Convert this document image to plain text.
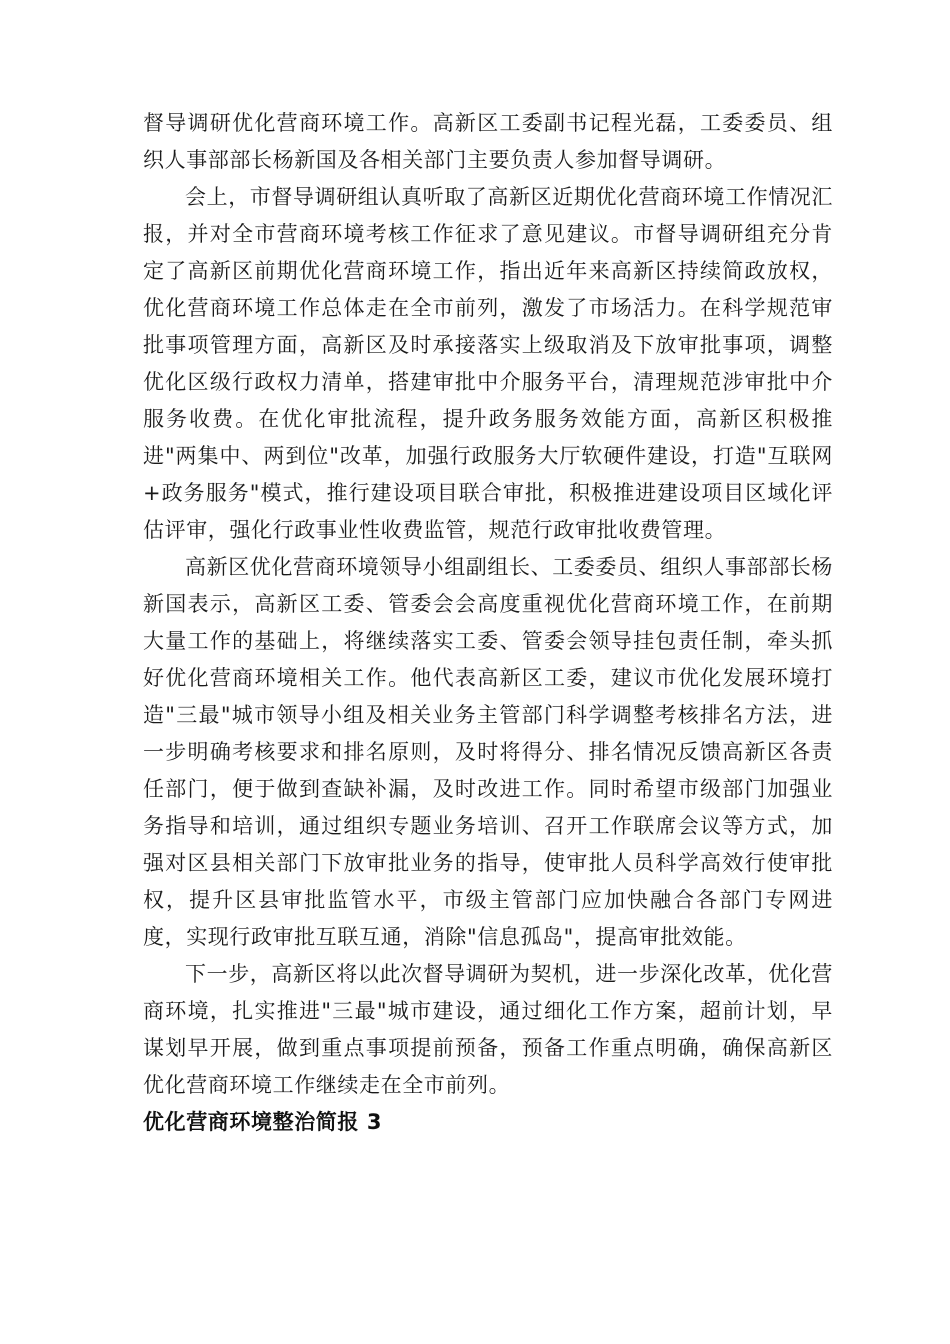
督导调研优化营商环境工作。高新区工委副书记程光磊，工委委员、组织人事部部长杨新国及各相关部门主要负责人参加督导调研。

会上，市督导调研组认真听取了高新区近期优化营商环境工作情况汇报，并对全市营商环境考核工作征求了意见建议。市督导调研组充分肯定了高新区前期优化营商环境工作，指出近年来高新区持续简政放权，优化营商环境工作总体走在全市前列，激发了市场活力。在科学规范审批事项管理方面，高新区及时承接落实上级取消及下放审批事项，调整优化区级行政权力清单，搭建审批中介服务平台，清理规范涉审批中介服务收费。在优化审批流程，提升政务服务效能方面，高新区积极推进"两集中、两到位"改革，加强行政服务大厅软硬件建设，打造"互联网+政务服务"模式，推行建设项目联合审批，积极推进建设项目区域化评估评审，强化行政事业性收费监管，规范行政审批收费管理。

高新区优化营商环境领导小组副组长、工委委员、组织人事部部长杨新国表示，高新区工委、管委会会高度重视优化营商环境工作，在前期大量工作的基础上，将继续落实工委、管委会领导挂包责任制，牵头抓好优化营商环境相关工作。他代表高新区工委，建议市优化发展环境打造"三最"城市领导小组及相关业务主管部门科学调整考核排名方法，进一步明确考核要求和排名原则，及时将得分、排名情况反馈高新区各责任部门，便于做到查缺补漏，及时改进工作。同时希望市级部门加强业务指导和培训，通过组织专题业务培训、召开工作联席会议等方式，加强对区县相关部门下放审批业务的指导，使审批人员科学高效行使审批权，提升区县审批监管水平，市级主管部门应加快融合各部门专网进度，实现行政审批互联互通，消除"信息孤岛"，提高审批效能。

下一步，高新区将以此次督导调研为契机，进一步深化改革，优化营商环境，扎实推进"三最"城市建设，通过细化工作方案，超前计划，早谋划早开展，做到重点事项提前预备，预备工作重点明确，确保高新区优化营商环境工作继续走在全市前列。

优化营商环境整治简报 3
